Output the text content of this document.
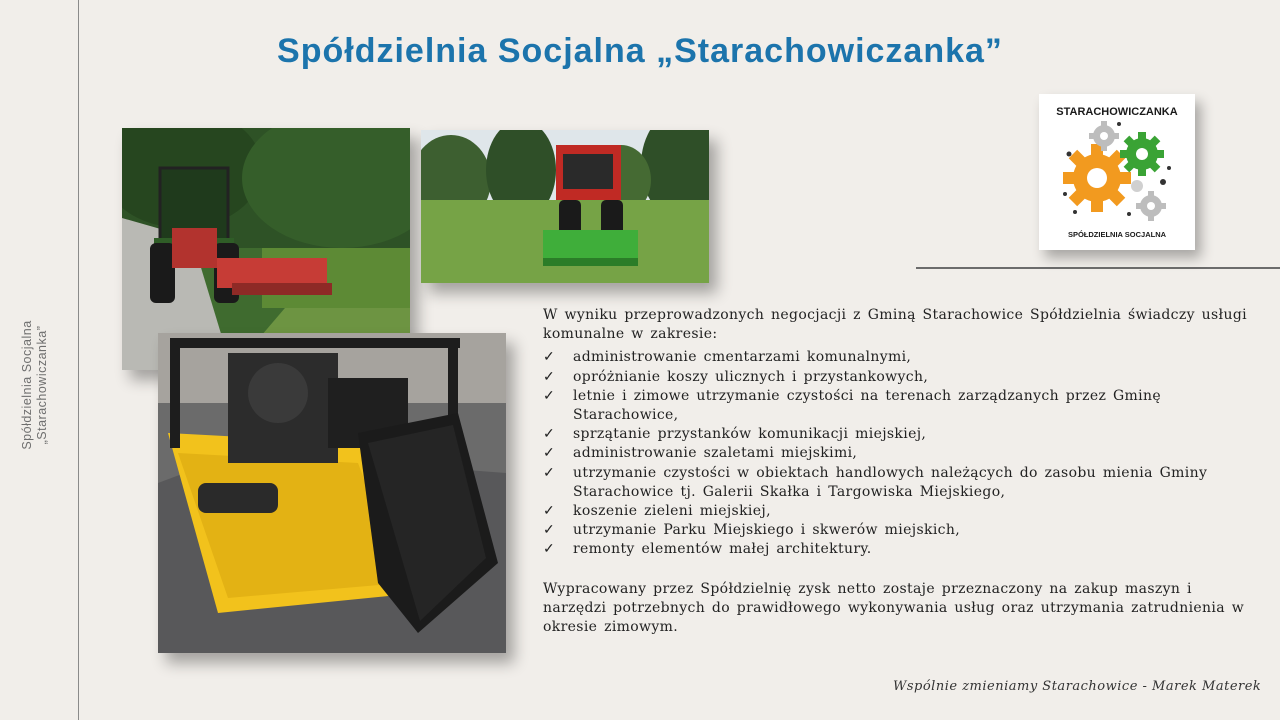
Spółdzielnia Socjalna „Starachowiczanka”
Spółdzielnia Socjalna „Starachowiczanka”
STARACHOWICZANKA
SPÓŁDZIELNIA SOCJALNA

W wyniku przeprowadzonych negocjacji z Gminą Starachowice Spółdzielnia świadczy usługi komunalne w zakresie:

✓ administrowanie cmentarzami komunalnymi,
✓ opróżnianie koszy ulicznych i przystankowych,
✓ letnie i zimowe utrzymanie czystości na terenach zarządzanych przez Gminę Starachowice,
✓ sprzątanie przystanków komunikacji miejskiej,
✓ administrowanie szaletami miejskimi,
✓ utrzymanie czystości w obiektach handlowych należących do zasobu mienia Gminy Starachowice tj. Galerii Skałka i Targowiska Miejskiego,
✓ koszenie zieleni miejskiej,
✓ utrzymanie Parku Miejskiego i skwerów miejskich,
✓ remonty elementów małej architektury.

Wypracowany przez Spółdzielnię zysk netto zostaje przeznaczony na zakup maszyn i narzędzi potrzebnych do prawidłowego wykonywania usług oraz utrzymania zatrudnienia w okresie zimowym.

Wspólnie zmieniamy Starachowice - Marek Materek
